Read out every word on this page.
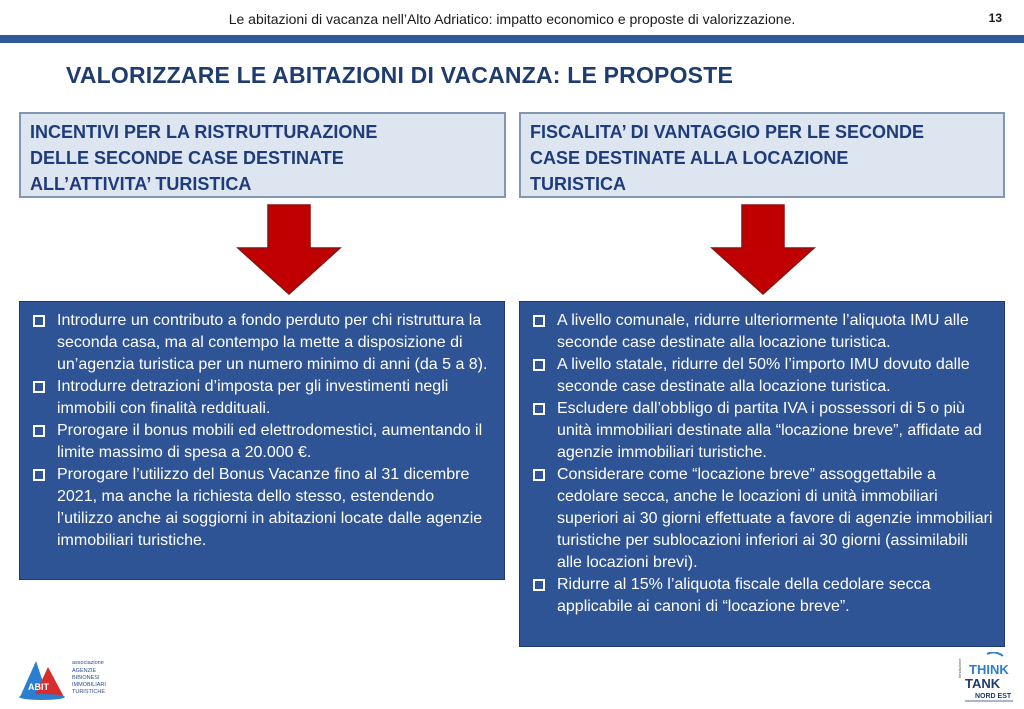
Le abitazioni di vacanza nell’Alto Adriatico: impatto economico e proposte di valorizzazione.	13
VALORIZZARE LE ABITAZIONI DI VACANZA: LE PROPOSTE

INCENTIVI PER LA RISTRUTTURAZIONE

DELLE SECONDE CASE DESTINATE

ALL’ATTIVITA’ TURISTICA

FISCALITA’ DI VANTAGGIO PER LE SECONDE

CASE DESTINATE ALLA LOCAZIONE

TURISTICA

Introdurre un contributo a fondo perduto per chi ristruttura la seconda casa, ma al contempo la mette a disposizione di un’agenzia turistica per un numero minimo di anni (da 5 a 8).
Introdurre detrazioni d’imposta per gli investimenti negli immobili con finalità reddituali.
Prorogare il bonus mobili ed elettrodomestici, aumentando il limite massimo di spesa a 20.000 €.
Prorogare l’utilizzo del Bonus Vacanze fino al 31 dicembre 2021, ma anche la richiesta dello stesso, estendendo l’utilizzo anche ai soggiorni in abitazioni locate dalle agenzie immobiliari turistiche.
A livello comunale, ridurre ulteriormente l’aliquota IMU alle seconde case destinate alla locazione turistica.
A livello statale, ridurre del 50% l’importo IMU dovuto dalle seconde case destinate alla locazione turistica.
Escludere dall’obbligo di partita IVA i possessori di 5 o più unità immobiliari destinate alla “locazione breve”, affidate ad agenzie immobiliari turistiche.
Considerare come “locazione breve” assoggettabile a cedolare secca, anche le locazioni di unità immobiliari superiori ai 30 giorni effettuate a favore di agenzie immobiliari turistiche per sublocazioni inferiori ai 30 giorni (assimilabili alle locazioni brevi).
Ridurre al 15% l’aliquota fiscale della cedolare secca applicabile ai canoni di “locazione breve”.
ABIT
associazione
AGENZIE
BIBIONESI
IMMOBILIARI
TURISTICHE
fondazione THINK
TANK
NORD EST
